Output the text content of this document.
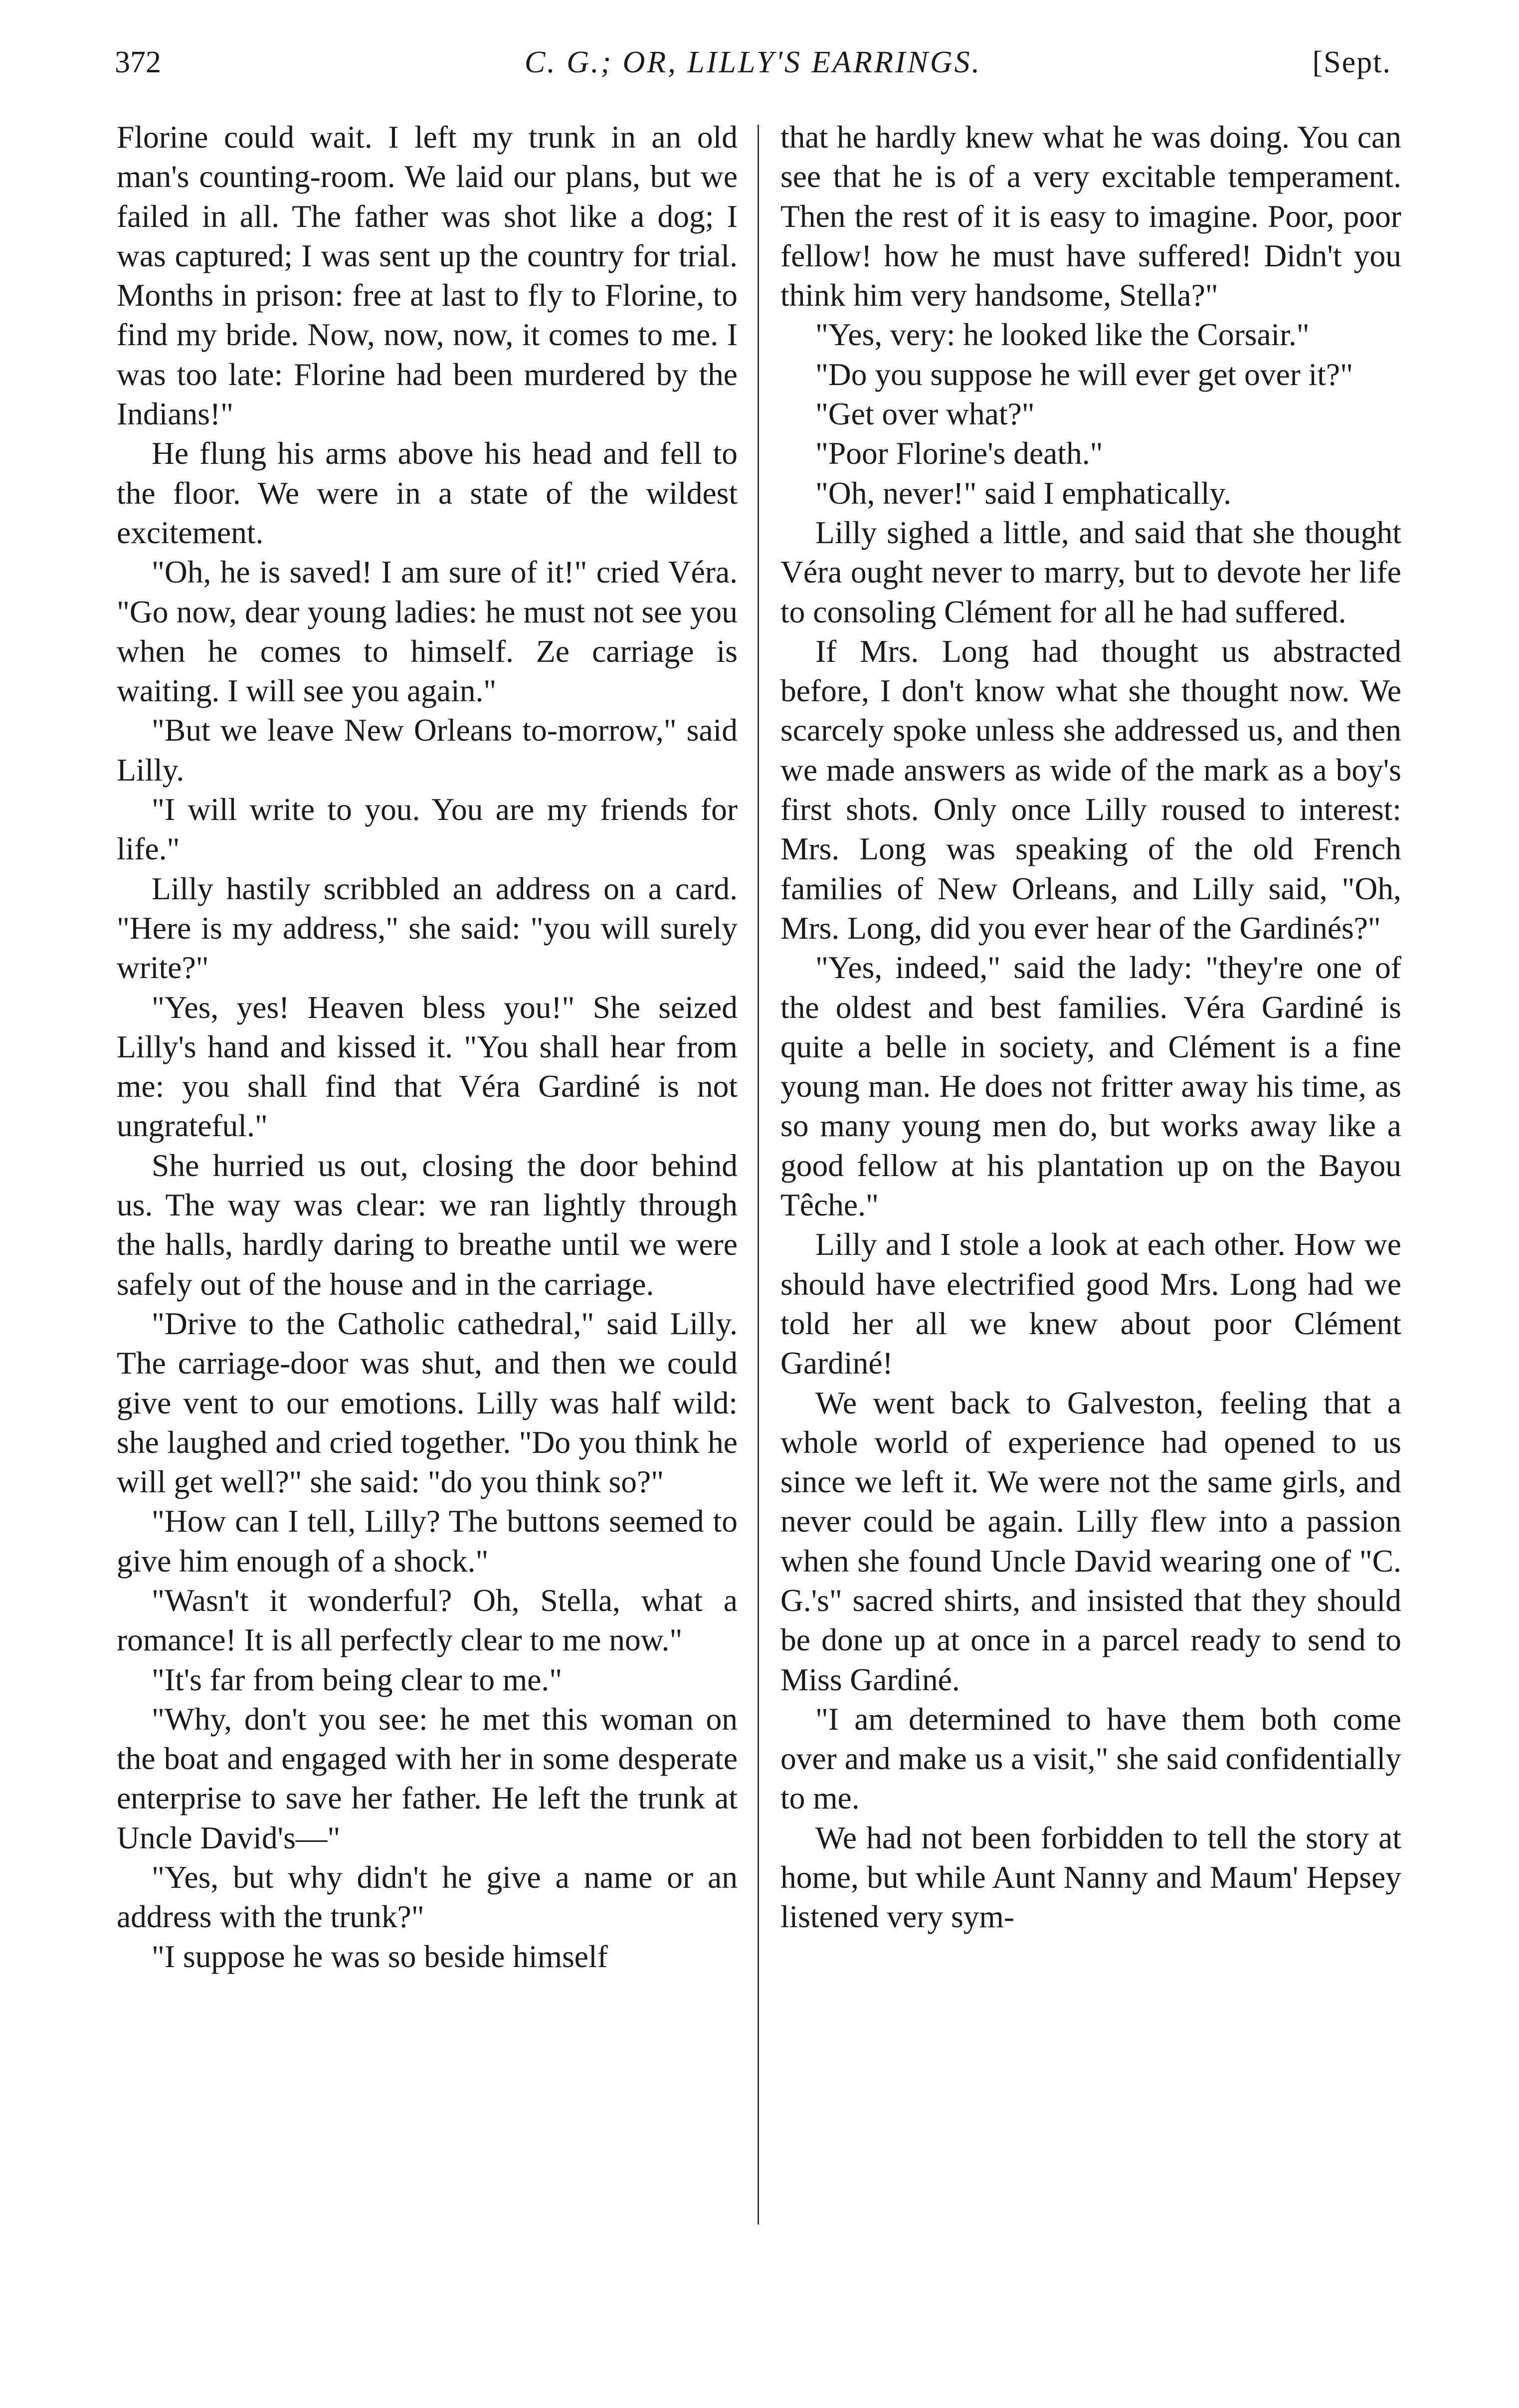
372	C. G.; OR, LILLY'S EARRINGS.	[Sept.

Florine could wait. I left my trunk in an old man's counting-room. We laid our plans, but we failed in all. The father was shot like a dog; I was captured; I was sent up the country for trial. Months in prison: free at last to fly to Florine, to find my bride. Now, now, now, it comes to me. I was too late: Florine had been murdered by the Indians!"

He flung his arms above his head and fell to the floor. We were in a state of the wildest excitement.

"Oh, he is saved! I am sure of it!" cried Véra. "Go now, dear young ladies: he must not see you when he comes to himself. Ze carriage is waiting. I will see you again."

"But we leave New Orleans to-morrow," said Lilly.

"I will write to you. You are my friends for life."

Lilly hastily scribbled an address on a card. "Here is my address," she said: "you will surely write?"

"Yes, yes! Heaven bless you!" She seized Lilly's hand and kissed it. "You shall hear from me: you shall find that Véra Gardiné is not ungrateful."

She hurried us out, closing the door behind us. The way was clear: we ran lightly through the halls, hardly daring to breathe until we were safely out of the house and in the carriage.

"Drive to the Catholic cathedral," said Lilly. The carriage-door was shut, and then we could give vent to our emotions. Lilly was half wild: she laughed and cried together. "Do you think he will get well?" she said: "do you think so?"

"How can I tell, Lilly? The buttons seemed to give him enough of a shock."

"Wasn't it wonderful? Oh, Stella, what a romance! It is all perfectly clear to me now."

"It's far from being clear to me."

"Why, don't you see: he met this woman on the boat and engaged with her in some desperate enterprise to save her father. He left the trunk at Uncle David's—"

"Yes, but why didn't he give a name or an address with the trunk?"

"I suppose he was so beside himself

that he hardly knew what he was doing. You can see that he is of a very excitable temperament. Then the rest of it is easy to imagine. Poor, poor fellow! how he must have suffered! Didn't you think him very handsome, Stella?"

"Yes, very: he looked like the Corsair."

"Do you suppose he will ever get over it?"

"Get over what?"

"Poor Florine's death."

"Oh, never!" said I emphatically.

Lilly sighed a little, and said that she thought Véra ought never to marry, but to devote her life to consoling Clément for all he had suffered.

If Mrs. Long had thought us abstracted before, I don't know what she thought now. We scarcely spoke unless she addressed us, and then we made answers as wide of the mark as a boy's first shots. Only once Lilly roused to interest: Mrs. Long was speaking of the old French families of New Orleans, and Lilly said, "Oh, Mrs. Long, did you ever hear of the Gardinés?"

"Yes, indeed," said the lady: "they're one of the oldest and best families. Véra Gardiné is quite a belle in society, and Clément is a fine young man. He does not fritter away his time, as so many young men do, but works away like a good fellow at his plantation up on the Bayou Têche."

Lilly and I stole a look at each other. How we should have electrified good Mrs. Long had we told her all we knew about poor Clément Gardiné!

We went back to Galveston, feeling that a whole world of experience had opened to us since we left it. We were not the same girls, and never could be again. Lilly flew into a passion when she found Uncle David wearing one of "C. G.'s" sacred shirts, and insisted that they should be done up at once in a parcel ready to send to Miss Gardiné.

"I am determined to have them both come over and make us a visit," she said confidentially to me.

We had not been forbidden to tell the story at home, but while Aunt Nanny and Maum' Hepsey listened very sym-
